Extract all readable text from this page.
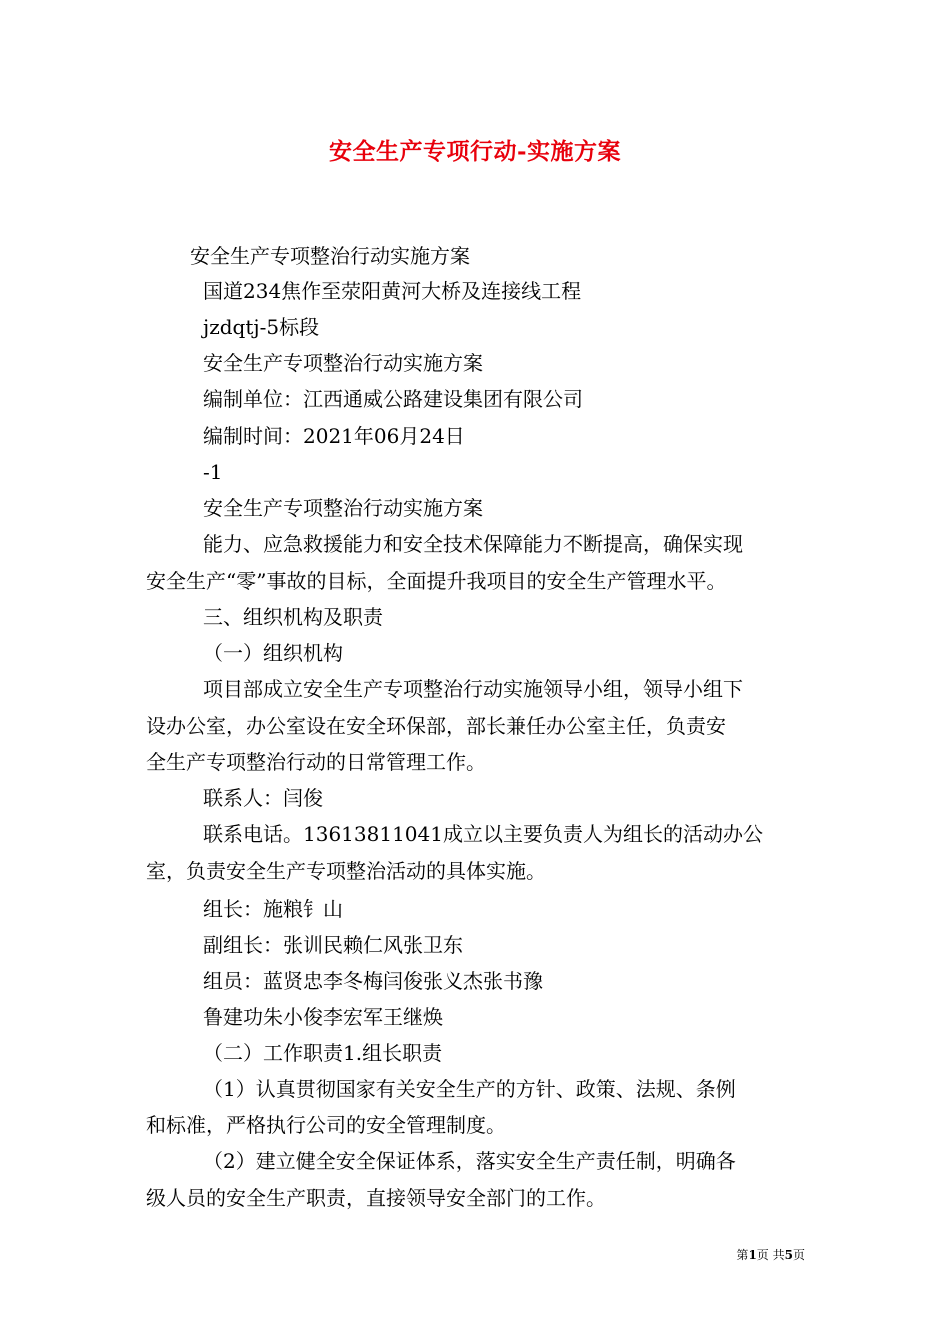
安全生产专项行动-实施方案
安全生产专项整治行动实施方案
国道234焦作至荥阳黄河大桥及连接线工程
jzdqtj-5标段
安全生产专项整治行动实施方案
编制单位：江西通威公路建设集团有限公司
编制时间：2021年06月24日
-1
安全生产专项整治行动实施方案
能力、应急救援能力和安全技术保障能力不断提高，确保实现
安全生产“零”事故的目标，全面提升我项目的安全生产管理水平。
三、组织机构及职责
（一）组织机构
项目部成立安全生产专项整治行动实施领导小组，领导小组下
设办公室，办公室设在安全环保部，部长兼任办公室主任，负责安
全生产专项整治行动的日常管理工作。
联系人：闫俊
联系电话。13613811041成立以主要负责人为组长的活动办公
室，负责安全生产专项整治活动的具体实施。
组长：施粮钅山
副组长：张训民赖仁风张卫东
组员：蓝贤忠李冬梅闫俊张义杰张书豫
鲁建功朱小俊李宏军王继焕
（二）工作职责1.组长职责
（1）认真贯彻国家有关安全生产的方针、政策、法规、条例
和标准，严格执行公司的安全管理制度。
（2）建立健全安全保证体系，落实安全生产责任制，明确各
级人员的安全生产职责，直接领导安全部门的工作。
第1页 共5页
